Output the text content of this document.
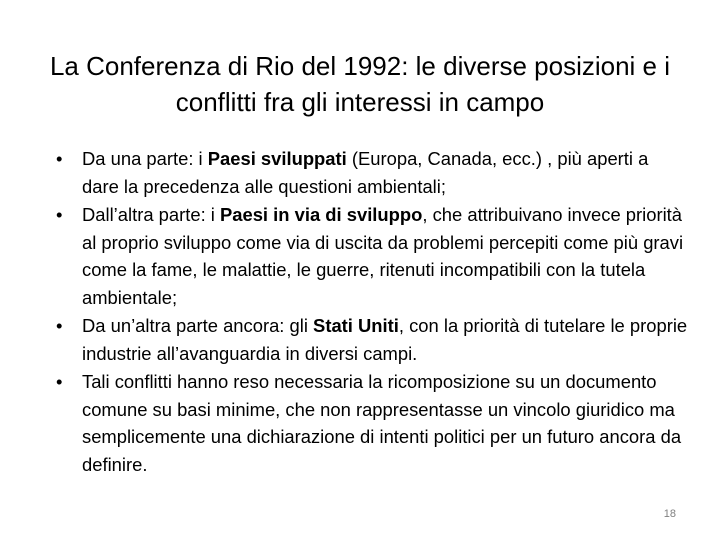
La Conferenza di Rio del 1992: le diverse posizioni e i conflitti fra gli interessi in campo
• Da una parte: i Paesi sviluppati (Europa, Canada, ecc.) , più aperti a dare la precedenza alle questioni ambientali;
• Dall’altra parte: i Paesi in via di sviluppo, che attribuivano invece priorità al proprio sviluppo come via di uscita da problemi percepiti come più gravi come la fame, le malattie, le guerre, ritenuti incompatibili con la tutela ambientale;
• Da un’altra parte ancora: gli Stati Uniti, con la priorità di tutelare le proprie industrie all’avanguardia in diversi campi.
• Tali conflitti hanno reso necessaria la ricomposizione su un documento comune su basi minime, che non rappresentasse un vincolo giuridico ma semplicemente una dichiarazione di intenti politici per un futuro ancora da definire.
18
